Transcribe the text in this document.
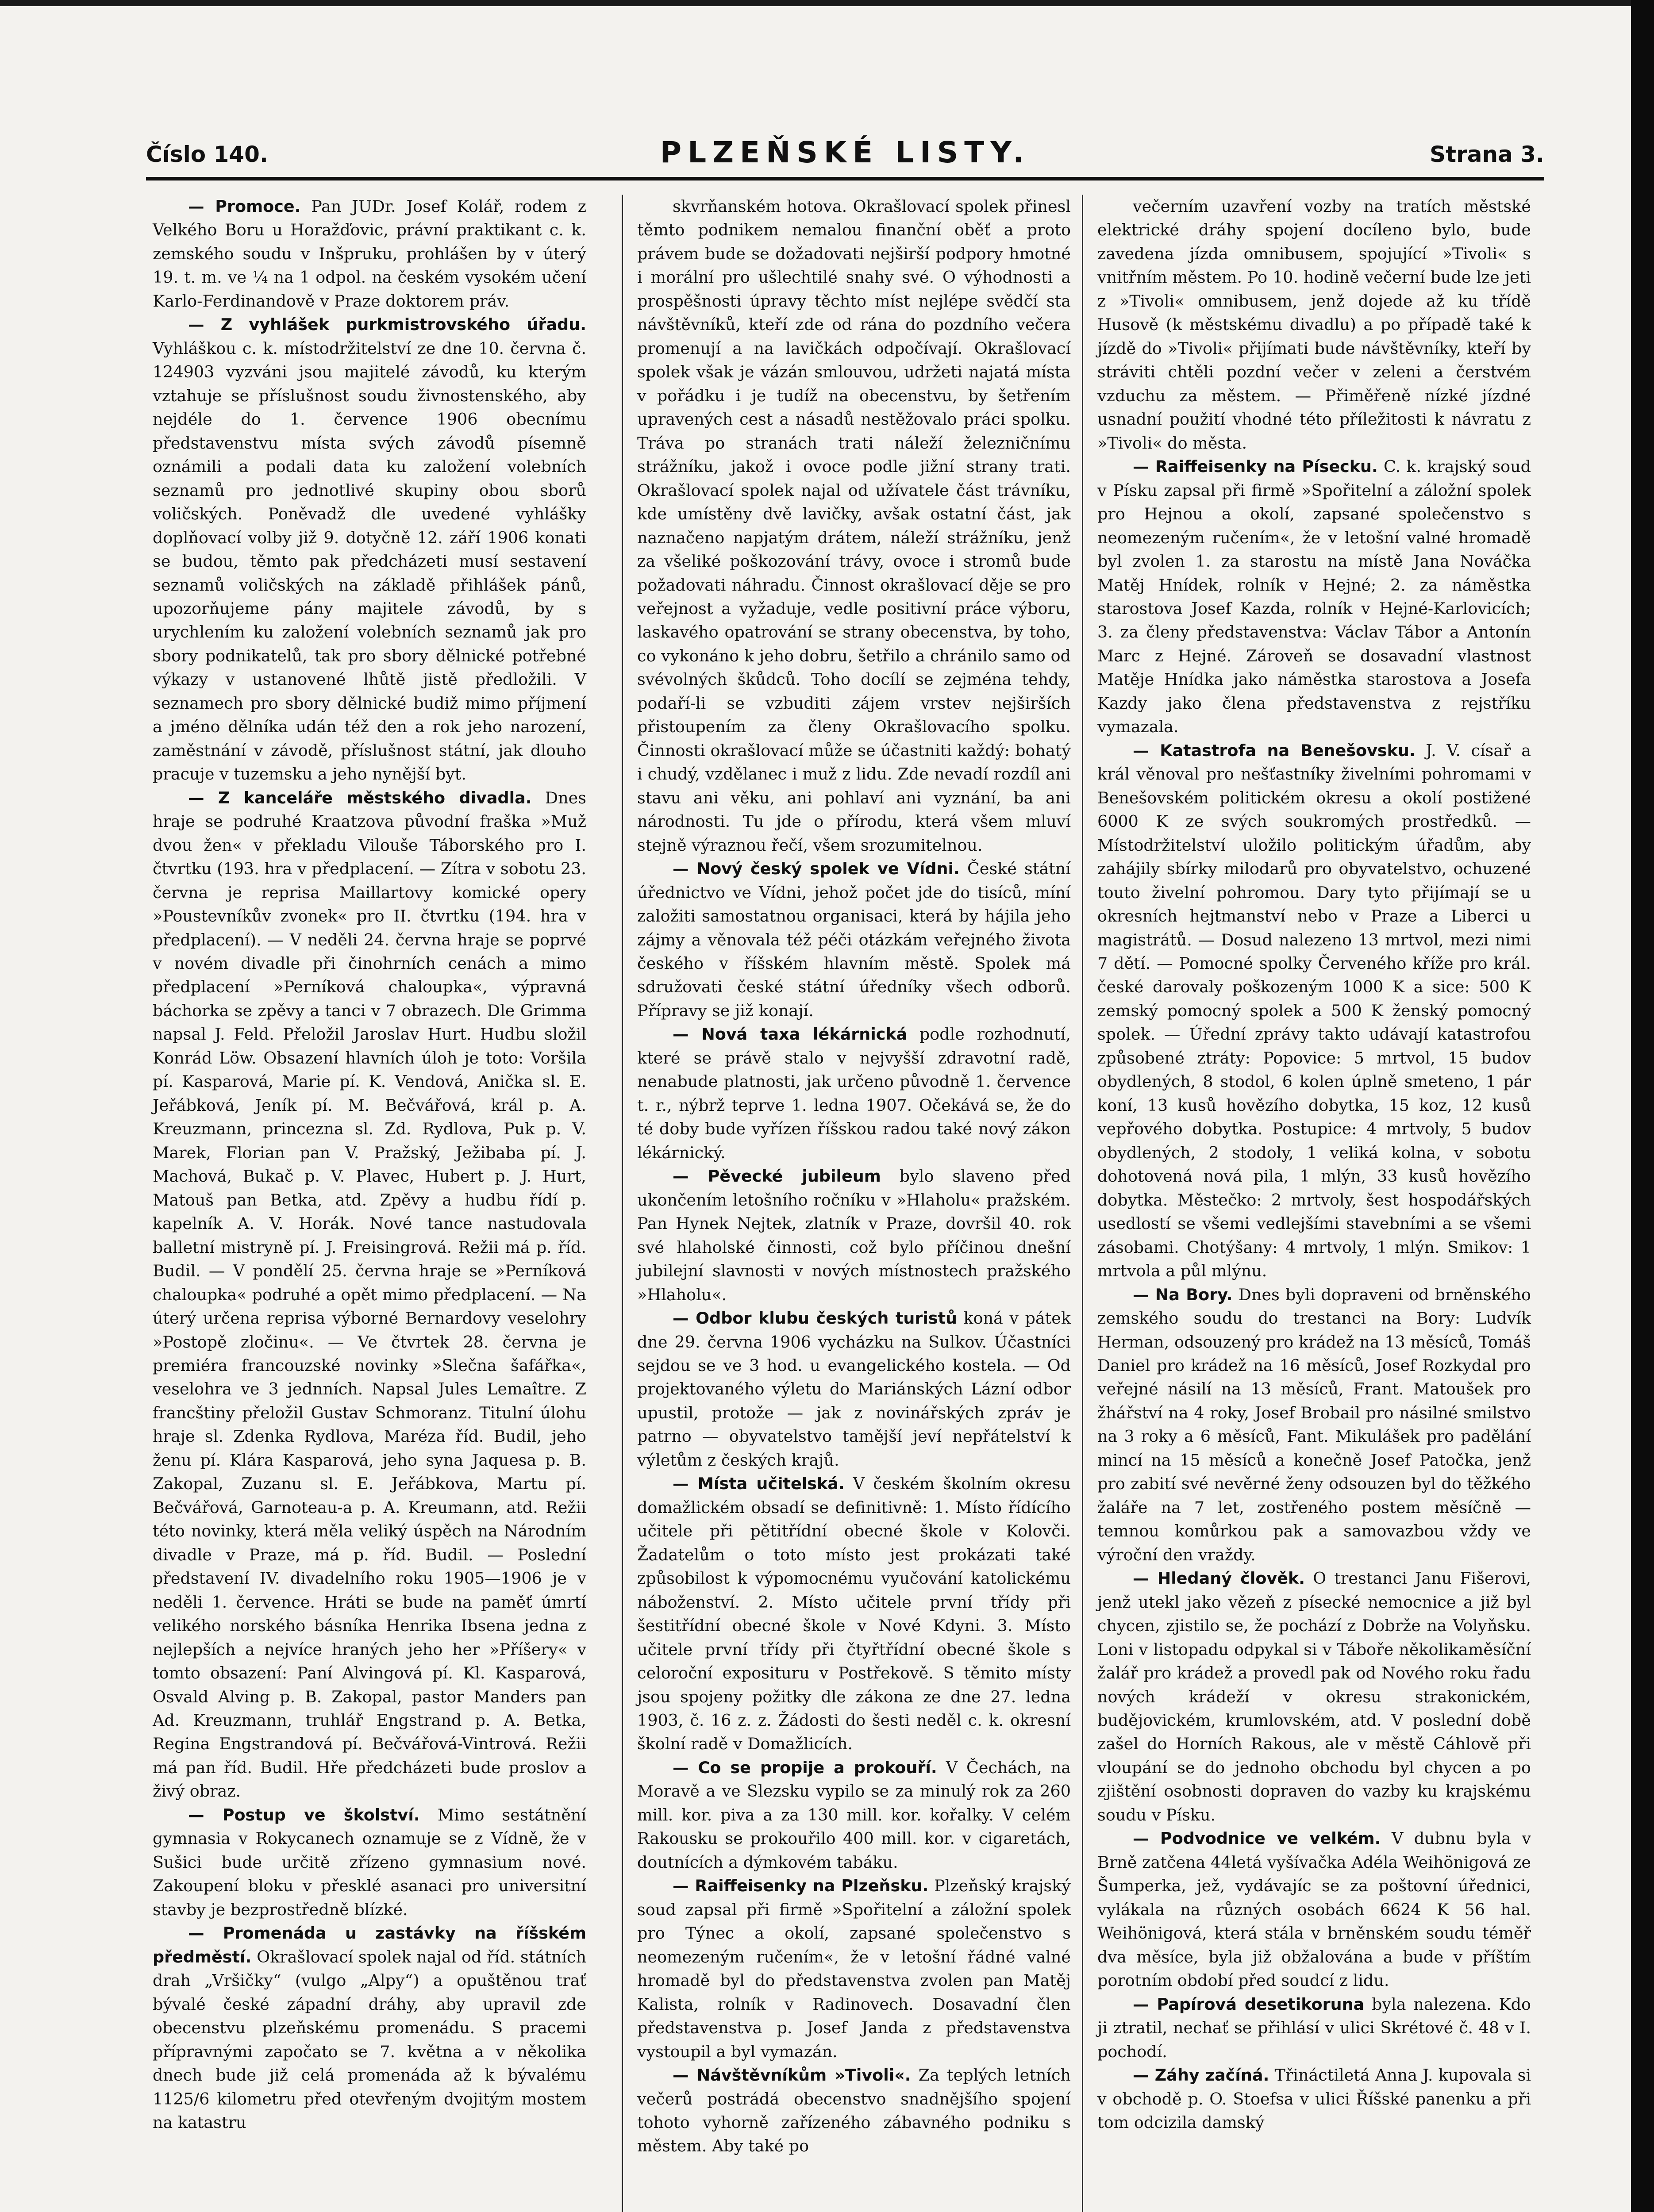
Číslo 140.	PLZEŇSKÉ LISTY.	Strana 3.

— Promoce. Pan JUDr. Josef Kolář, rodem z Velkého Boru u Horažďovic, právní praktikant c. k. zemského soudu v Inšpruku, prohlášen by v úterý 19. t. m. ve ¼ na 1 odpol. na českém vysokém učení Karlo-Ferdinandově v Praze doktorem práv.

— Z vyhlášek purkmistrovského úřadu. Vyhláškou c. k. místodržitelství ze dne 10. června č. 124903 vyzváni jsou majitelé závodů, ku kterým vztahuje se příslušnost soudu živnostenského, aby nejdéle do 1. července 1906 obecnímu představenstvu místa svých závodů písemně oznámili a podali data ku založení volebních seznamů pro jednotlivé skupiny obou sborů voličských. Poněvadž dle uvedené vyhlášky doplňovací volby již 9. dotyčně 12. září 1906 konati se budou, těmto pak předcházeti musí sestavení seznamů voličských na základě přihlášek pánů, upozorňujeme pány majitele závodů, by s urychlením ku založení volebních seznamů jak pro sbory podnikatelů, tak pro sbory dělnické potřebné výkazy v ustanovené lhůtě jistě předložili. V seznamech pro sbory dělnické budiž mimo příjmení a jméno dělníka udán též den a rok jeho narození, zaměstnání v závodě, příslušnost státní, jak dlouho pracuje v tuzemsku a jeho nynější byt.

— Z kanceláře městského divadla. Dnes hraje se podruhé Kraatzova původní fraška »Muž dvou žen« v překladu Vilouše Táborského pro I. čtvrtku (193. hra v předplacení. — Zítra v sobotu 23. června je reprisa Maillartovy komické opery »Poustevníkův zvonek« pro II. čtvrtku (194. hra v předplacení). — V neděli 24. června hraje se poprvé v novém divadle při činohrních cenách a mimo předplacení »Perníková chaloupka«, výpravná báchorka se zpěvy a tanci v 7 obrazech. Dle Grimma napsal J. Feld. Přeložil Jaroslav Hurt. Hudbu složil Konrád Löw. Obsazení hlavních úloh je toto: Voršila pí. Kasparová, Marie pí. K. Vendová, Anička sl. E. Jeřábková, Jeník pí. M. Bečvářová, král p. A. Kreuzmann, princezna sl. Zd. Rydlova, Puk p. V. Marek, Florian pan V. Pražský, Ježibaba pí. J. Machová, Bukač p. V. Plavec, Hubert p. J. Hurt, Matouš pan Betka, atd. Zpěvy a hudbu řídí p. kapelník A. V. Horák. Nové tance nastudovala balletní mistryně pí. J. Freisingrová. Režii má p. říd. Budil. — V pondělí 25. června hraje se »Perníková chaloupka« podruhé a opět mimo předplacení. — Na úterý určena reprisa výborné Bernardovy veselohry »Postopě zločinu«. — Ve čtvrtek 28. června je premiéra francouzské novinky »Slečna šafářka«, veselohra ve 3 jednních. Napsal Jules Lemaître. Z francštiny přeložil Gustav Schmoranz. Titulní úlohu hraje sl. Zdenka Rydlova, Maréza říd. Budil, jeho ženu pí. Klára Kasparová, jeho syna Jaquesa p. B. Zakopal, Zuzanu sl. E. Jeřábkova, Martu pí. Bečvářová, Garnoteau-a p. A. Kreumann, atd. Režii této novinky, která měla veliký úspěch na Národním divadle v Praze, má p. říd. Budil. — Poslední představení IV. divadelního roku 1905—1906 je v neděli 1. července. Hráti se bude na paměť úmrtí velikého norského básníka Henrika Ibsena jedna z nejlepších a nejvíce hraných jeho her »Příšery« v tomto obsazení: Paní Alvingová pí. Kl. Kasparová, Osvald Alving p. B. Zakopal, pastor Manders pan Ad. Kreuzmann, truhlář Engstrand p. A. Betka, Regina Engstrandová pí. Bečvářová-Vintrová. Režii má pan říd. Budil. Hře předcházeti bude proslov a živý obraz.

— Postup ve školství. Mimo sestátnění gymnasia v Rokycanech oznamuje se z Vídně, že v Sušici bude určitě zřízeno gymnasium nové. Zakoupení bloku v přesklé asanaci pro universitní stavby je bezprostředně blízké.

— Promenáda u zastávky na říšském předměstí. Okrašlovací spolek najal od říd. státních drah „Vršičky“ (vulgo „Alpy“) a opuštěnou trať bývalé české západní dráhy, aby upravil zde obecenstvu plzeňskému promenádu. S pracemi přípravnými započato se 7. května a v několika dnech bude již celá promenáda až k bývalému 1125/6 kilometru před otevřeným dvojitým mostem na katastru

skvrňanském hotova. Okrašlovací spolek přinesl těmto podnikem nemalou finanční oběť a proto právem bude se dožadovati nejširší podpory hmotné i morální pro ušlechtilé snahy své. O výhodnosti a prospěšnosti úpravy těchto míst nejlépe svědčí sta návštěvníků, kteří zde od rána do pozdního večera promenují a na lavičkách odpočívají. Okrašlovací spolek však je vázán smlouvou, udržeti najatá místa v pořádku i je tudíž na obecenstvu, by šetřením upravených cest a násadů nestěžovalo práci spolku. Tráva po stranách trati náleží železničnímu strážníku, jakož i ovoce podle jižní strany trati. Okrašlovací spolek najal od užívatele část trávníku, kde umístěny dvě lavičky, avšak ostatní část, jak naznačeno napjatým drátem, náleží strážníku, jenž za všeliké poškozování trávy, ovoce i stromů bude požadovati náhradu. Činnost okrašlovací děje se pro veřejnost a vyžaduje, vedle positivní práce výboru, laskavého opatrování se strany obecenstva, by toho, co vykonáno k jeho dobru, šetřilo a chránilo samo od svévolných škůdců. Toho docílí se zejména tehdy, podaří-li se vzbuditi zájem vrstev nejširších přistoupením za členy Okrašlovacího spolku. Činnosti okrašlovací může se účastniti každý: bohatý i chudý, vzdělanec i muž z lidu. Zde nevadí rozdíl ani stavu ani věku, ani pohlaví ani vyznání, ba ani národnosti. Tu jde o přírodu, která všem mluví stejně výraznou řečí, všem srozumitelnou.

— Nový český spolek ve Vídni. České státní úřednictvo ve Vídni, jehož počet jde do tisíců, míní založiti samostatnou organisaci, která by hájila jeho zájmy a věnovala též péči otázkám veřejného života českého v říšském hlavním městě. Spolek má sdružovati české státní úředníky všech odborů. Přípravy se již konají.

— Nová taxa lékárnická podle rozhodnutí, které se právě stalo v nejvyšší zdravotní radě, nenabude platnosti, jak určeno původně 1. července t. r., nýbrž teprve 1. ledna 1907. Očekává se, že do té doby bude vyřízen říšskou radou také nový zákon lékárnický.

— Pěvecké jubileum bylo slaveno před ukončením letošního ročníku v »Hlaholu« pražském. Pan Hynek Nejtek, zlatník v Praze, dovršil 40. rok své hlaholské činnosti, což bylo příčinou dnešní jubilejní slavnosti v nových místnostech pražského »Hlaholu«.

— Odbor klubu českých turistů koná v pátek dne 29. června 1906 vycházku na Sulkov. Účastníci sejdou se ve 3 hod. u evangelického kostela. — Od projektovaného výletu do Mariánských Lázní odbor upustil, protože — jak z novinářských zpráv je patrno — obyvatelstvo tamější jeví nepřátelství k výletům z českých krajů.

— Místa učitelská. V českém školním okresu domažlickém obsadí se definitivně: 1. Místo řídícího učitele při pětitřídní obecné škole v Kolovči. Žadatelům o toto místo jest prokázati také způsobilost k výpomocnému vyučování katolickému náboženství. 2. Místo učitele první třídy při šestitřídní obecné škole v Nové Kdyni. 3. Místo učitele první třídy při čtyřtřídní obecné škole s celoroční exposituru v Postřekově. S těmito místy jsou spojeny požitky dle zákona ze dne 27. ledna 1903, č. 16 z. z. Žádosti do šesti neděl c. k. okresní školní radě v Domažlicích.

— Co se propije a prokouří. V Čechách, na Moravě a ve Slezsku vypilo se za minulý rok za 260 mill. kor. piva a za 130 mill. kor. kořalky. V celém Rakousku se prokouřilo 400 mill. kor. v cigaretách, doutnících a dýmkovém tabáku.

— Raiffeisenky na Plzeňsku. Plzeňský krajský soud zapsal při firmě »Spořitelní a záložní spolek pro Týnec a okolí, zapsané společenstvo s neomezeným ručením«, že v letošní řádné valné hromadě byl do představenstva zvolen pan Matěj Kalista, rolník v Radinovech. Dosavadní člen představenstva p. Josef Janda z představenstva vystoupil a byl vymazán.

— Návštěvníkům »Tivoli«. Za teplých letních večerů postrádá obecenstvo snadnějšího spojení tohoto vyhorně zařízeného zábavného podniku s městem. Aby také po

večerním uzavření vozby na tratích městské elektrické dráhy spojení docíleno bylo, bude zavedena jízda omnibusem, spojující »Tivoli« s vnitřním městem. Po 10. hodině večerní bude lze jeti z »Tivoli« omnibusem, jenž dojede až ku třídě Husově (k městskému divadlu) a po případě také k jízdě do »Tivoli« přijímati bude návštěvníky, kteří by stráviti chtěli pozdní večer v zeleni a čerstvém vzduchu za městem. — Přiměřeně nízké jízdné usnadní použití vhodné této příležitosti k návratu z »Tivoli« do města.

— Raiffeisenky na Písecku. C. k. krajský soud v Písku zapsal při firmě »Spořitelní a záložní spolek pro Hejnou a okolí, zapsané společenstvo s neomezeným ručením«, že v letošní valné hromadě byl zvolen 1. za starostu na místě Jana Nováčka Matěj Hnídek, rolník v Hejné; 2. za náměstka starostova Josef Kazda, rolník v Hejné-Karlovicích; 3. za členy představenstva: Václav Tábor a Antonín Marc z Hejné. Zároveň se dosavadní vlastnost Matěje Hnídka jako náměstka starostova a Josefa Kazdy jako člena představenstva z rejstříku vymazala.

— Katastrofa na Benešovsku. J. V. císař a král věnoval pro nešťastníky živelními pohromami v Benešovském politickém okresu a okolí postižené 6000 K ze svých soukromých prostředků. — Místodržitelství uložilo politickým úřadům, aby zahájily sbírky milodarů pro obyvatelstvo, ochuzené touto živelní pohromou. Dary tyto přijímají se u okresních hejtmanství nebo v Praze a Liberci u magistrátů. — Dosud nalezeno 13 mrtvol, mezi nimi 7 dětí. — Pomocné spolky Červeného kříže pro král. české darovaly poškozeným 1000 K a sice: 500 K zemský pomocný spolek a 500 K ženský pomocný spolek. — Úřední zprávy takto udávají katastrofou způsobené ztráty: Popovice: 5 mrtvol, 15 budov obydlených, 8 stodol, 6 kolen úplně smeteno, 1 pár koní, 13 kusů hovězího dobytka, 15 koz, 12 kusů vepřového dobytka. Postupice: 4 mrtvoly, 5 budov obydlených, 2 stodoly, 1 veliká kolna, v sobotu dohotovená nová pila, 1 mlýn, 33 kusů hovězího dobytka. Městečko: 2 mrtvoly, šest hospodářských usedlostí se všemi vedlejšími stavebními a se všemi zásobami. Chotýšany: 4 mrtvoly, 1 mlýn. Smikov: 1 mrtvola a půl mlýnu.

— Na Bory. Dnes byli dopraveni od brněnského zemského soudu do trestanci na Bory: Ludvík Herman, odsouzený pro krádež na 13 měsíců, Tomáš Daniel pro krádež na 16 měsíců, Josef Rozkydal pro veřejné násilí na 13 měsíců, Frant. Matoušek pro žhářství na 4 roky, Josef Brobail pro násilné smilstvo na 3 roky a 6 měsíců, Fant. Mikulášek pro padělání mincí na 15 měsíců a konečně Josef Patočka, jenž pro zabití své nevěrné ženy odsouzen byl do těžkého žaláře na 7 let, zostřeného postem měsíčně — temnou komůrkou pak a samovazbou vždy ve výroční den vraždy.

— Hledaný člověk. O trestanci Janu Fišerovi, jenž utekl jako vězeň z písecké nemocnice a již byl chycen, zjistilo se, že pochází z Dobrže na Volyňsku. Loni v listopadu odpykal si v Táboře několikaměsíční žalář pro krádež a provedl pak od Nového roku řadu nových krádeží v okresu strakonickém, budějovickém, krumlovském, atd. V poslední době zašel do Horních Rakous, ale v městě Cáhlově při vloupání se do jednoho obchodu byl chycen a po zjištění osobnosti dopraven do vazby ku krajskému soudu v Písku.

— Podvodnice ve velkém. V dubnu byla v Brně zatčena 44letá vyšívačka Adéla Weihönigová ze Šumperka, jež, vydávajíc se za poštovní úřednici, vylákala na různých osobách 6624 K 56 hal. Weihönigová, která stála v brněnském soudu téměř dva měsíce, byla již obžalována a bude v příštím porotním období před soudcí z lidu.

— Papírová desetikoruna byla nalezena. Kdo ji ztratil, nechať se přihlásí v ulici Skrétové č. 48 v I. pochodí.

— Záhy začíná. Třináctiletá Anna J. kupovala si v obchodě p. O. Stoefsa v ulici Říšské panenku a při tom odcizila damský
